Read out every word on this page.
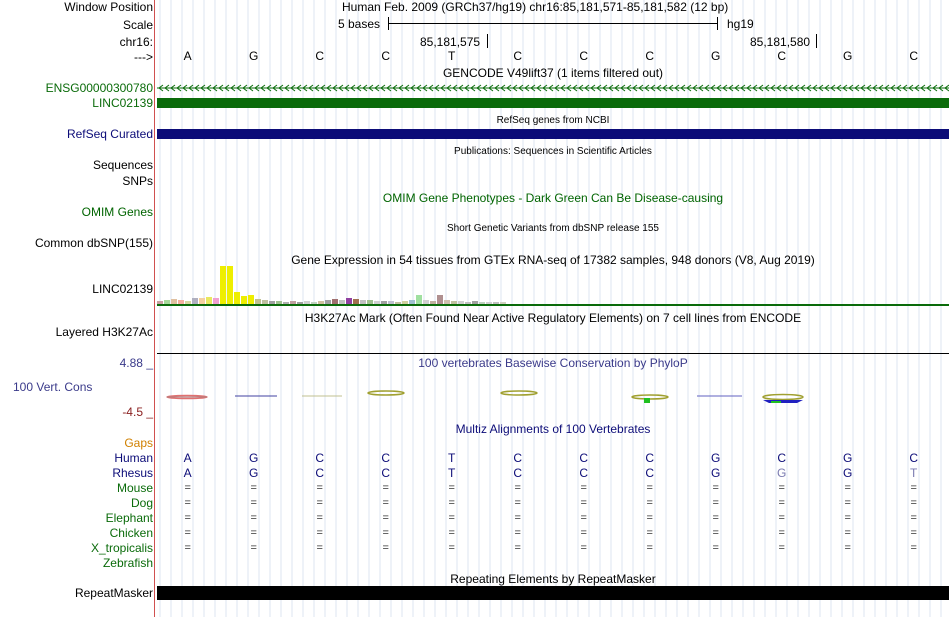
Window Position	Human Feb. 2009 (GRCh37/hg19) chr16:85,181,571-85,181,582 (12 bp)
Scale	5 bases	hg19
chr16:	85,181,575	85,181,580
--->	A	G	C	C	T	C	C	C	G	C	G	C
GENCODE V49lift37 (1 items filtered out)
ENSG00000300780
LINC02139
RefSeq genes from NCBI
RefSeq Curated
Publications: Sequences in Scientific Articles
Sequences
SNPs
OMIM Gene Phenotypes - Dark Green Can Be Disease-causing
OMIM Genes
Short Genetic Variants from dbSNP release 155
Common dbSNP(155)
Gene Expression in 54 tissues from GTEx RNA-seq of 17382 samples, 948 donors (V8, Aug 2019)
LINC02139
H3K27Ac Mark (Often Found Near Active Regulatory Elements) on 7 cell lines from ENCODE
Layered H3K27Ac
100 vertebrates Basewise Conservation by PhyloP
4.88 _
100 Vert. Cons
-4.5 _
Multiz Alignments of 100 Vertebrates
Gaps
Human	A	G	C	C	T	C	C	C	G	C	G	C
Rhesus	A	G	C	C	T	C	C	C	G	G	G	T
Mouse	=	=	=	=	=	=	=	=	=	=	=	=
Dog	=	=	=	=	=	=	=	=	=	=	=	=
Elephant	=	=	=	=	=	=	=	=	=	=	=	=
Chicken	=	=	=	=	=	=	=	=	=	=	=	=
X_tropicalis	=	=	=	=	=	=	=	=	=	=	=	=
Zebrafish
Repeating Elements by RepeatMasker
RepeatMasker
